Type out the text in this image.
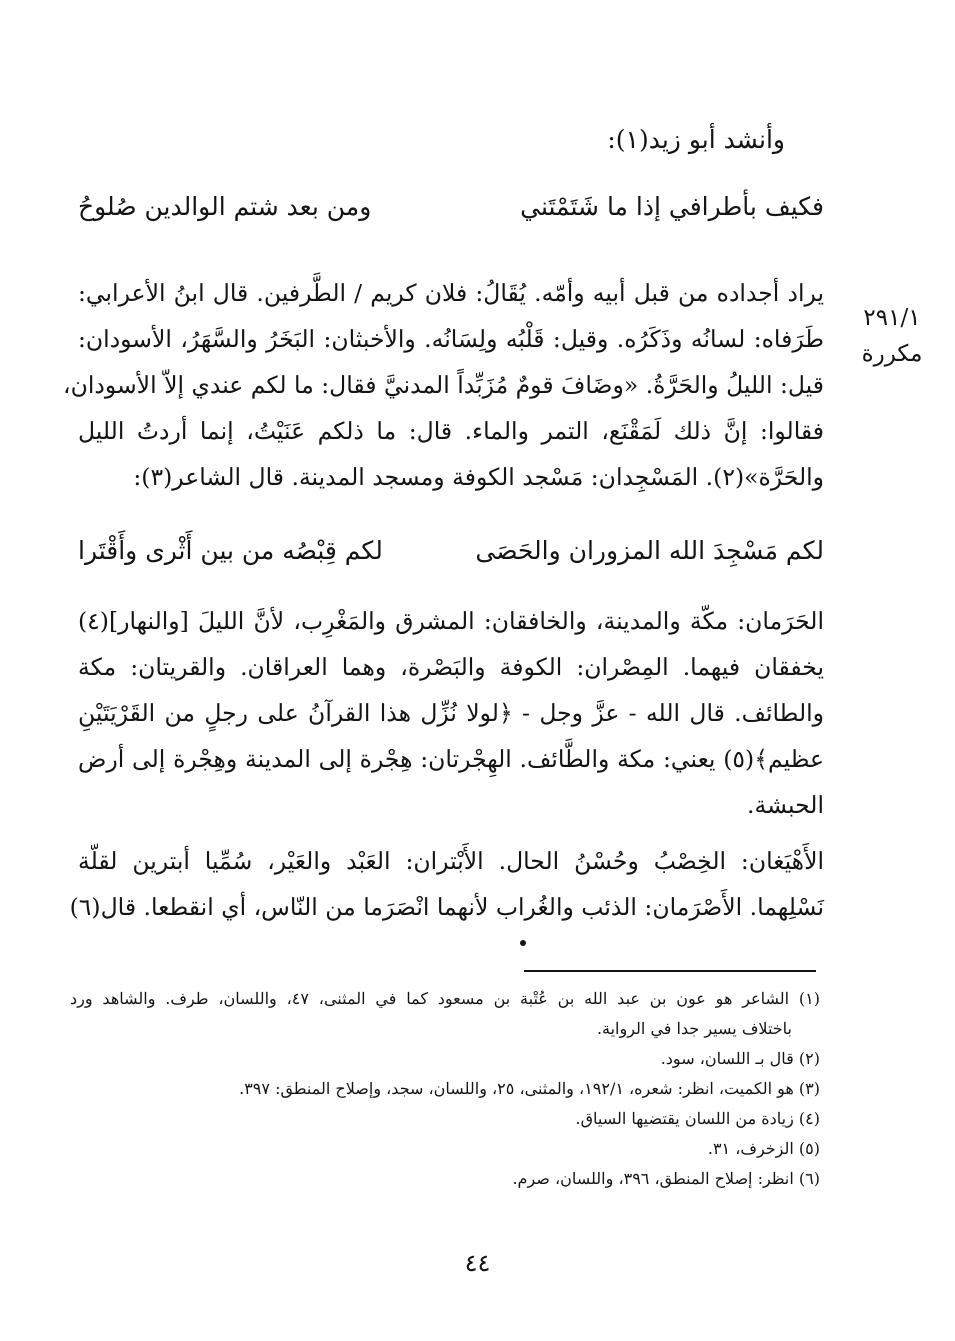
وأنشد أبو زيد(١):
فكيف بأطرافي إذا ما شَتَمْتَني
ومن بعد شتم الوالدين صُلوحُ
٢٩١/١
مكررة
يراد أجداده من قبل أبيه وأمّه. يُقَالُ: فلان كريم / الطَّرفين. قال ابنُ الأعرابي:
طَرَفاه: لسانُه وذَكَرُه. وقيل: قَلْبُه ولِسَانُه. والأخبثان: البَخَرُ والسَّهَرُ، الأسودان:
قيل: الليلُ والحَرَّةُ. «وضَافَ قومٌ مُزَبِّداً المدنيَّ فقال: ما لكم عندي إلاّ الأسودان،
فقالوا: إنَّ ذلك لَمَقْنَع، التمر والماء. قال: ما ذلكم عَنَيْتُ، إنما أردتُ الليل
والحَرَّة»(٢). المَسْجِدان: مَسْجد الكوفة ومسجد المدينة. قال الشاعر(٣):
لكم مَسْجِدَ الله المزوران والحَصَى
لكم قِبْصُه من بين أَثْرى وأَقْتَرا
الحَرَمان: مكّة والمدينة، والخافقان: المشرق والمَغْرِب، لأنَّ الليلَ [والنهار](٤)
يخفقان فيهما. المِصْران: الكوفة والبَصْرة، وهما العراقان. والقريتان: مكة
والطائف. قال الله - عزَّ وجل - ﴿لولا نُزِّل هذا القرآنُ على رجلٍ من القَرْيَتَيْنِ
عظيم﴾(٥) يعني: مكة والطَّائف. الهِجْرتان: هِجْرة إلى المدينة وهِجْرة إلى أرض
الحبشة.
الأَهْيَغان: الخِصْبُ وحُسْنُ الحال. الأَبْتران: العَبْد والعَيْر، سُمِّيا أبترين لقلّة
نَسْلِهما. الأَصْرَمان: الذئب والغُراب لأنهما انْصَرَما من النّاس، أي انقطعا. قال(٦)
(١) الشاعر هو عون بن عبد الله بن عُتْبة بن مسعود كما في المثنى، ٤٧، واللسان، طرف. والشاهد ورد
باختلاف يسير جدا في الرواية.
(٢) قال بـ اللسان، سود.
(٣) هو الكميت، انظر: شعره، ١٩٢/١، والمثنى، ٢٥، واللسان، سجد، وإصلاح المنطق: ٣٩٧.
(٤) زيادة من اللسان يقتضيها السياق.
(٥) الزخرف، ٣١.
(٦) انظر: إصلاح المنطق، ٣٩٦، واللسان، صرم.
٤٤
